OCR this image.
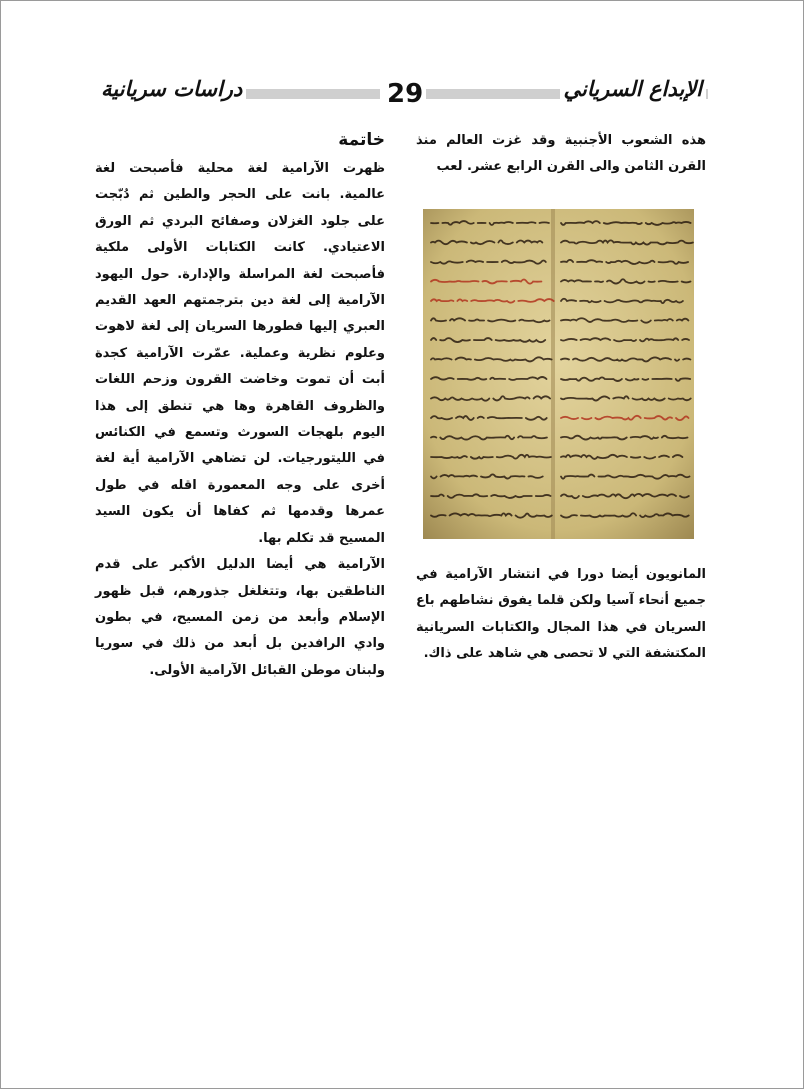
دراسات سريانية	29	الإبداع السرياني

هذه الشعوب الأجنبية وقد غزت العالم منذ القرن الثامن والى القرن الرابع عشر. لعب

المانويون أيضا دورا في انتشار الآرامية في جميع أنحاء آسيا ولكن قلما يفوق نشاطهم باع السريان في هذا المجال والكتابات السريانية المكتشفة التي لا تحصى هي شاهد على ذاك.

خاتمة

ظهرت الآرامية لغة محلية فأصبحت لغة عالمية. بانت على الحجر والطين ثم دُبّجت على جلود الغزلان وصفائح البردي ثم الورق الاعتيادي. كانت الكتابات الأولى ملكية فأصبحت لغة المراسلة والإدارة. حول اليهود الآرامية إلى لغة دين بترجمتهم العهد القديم العبري إليها فطورها السريان إلى لغة لاهوت وعلوم نظرية وعملية. عمّرت الآرامية كجدة أبت أن تموت وخاضت القرون وزحم اللغات والظروف القاهرة وها هي تنطق إلى هذا اليوم بلهجات السورث وتسمع في الكنائس في الليتورجيات. لن تضاهي الآرامية أية لغة أخرى على وجه المعمورة اقله في طول عمرها وقدمها ثم كفاها أن يكون السيد المسيح قد تكلم بها.

الآرامية هي أيضا الدليل الأكبر على قدم الناطقين بها، وتتغلغل جذورهم، قبل ظهور الإسلام وأبعد من زمن المسيح، في بطون وادي الرافدين بل أبعد من ذلك في سوريا ولبنان موطن القبائل الآرامية الأولى.
